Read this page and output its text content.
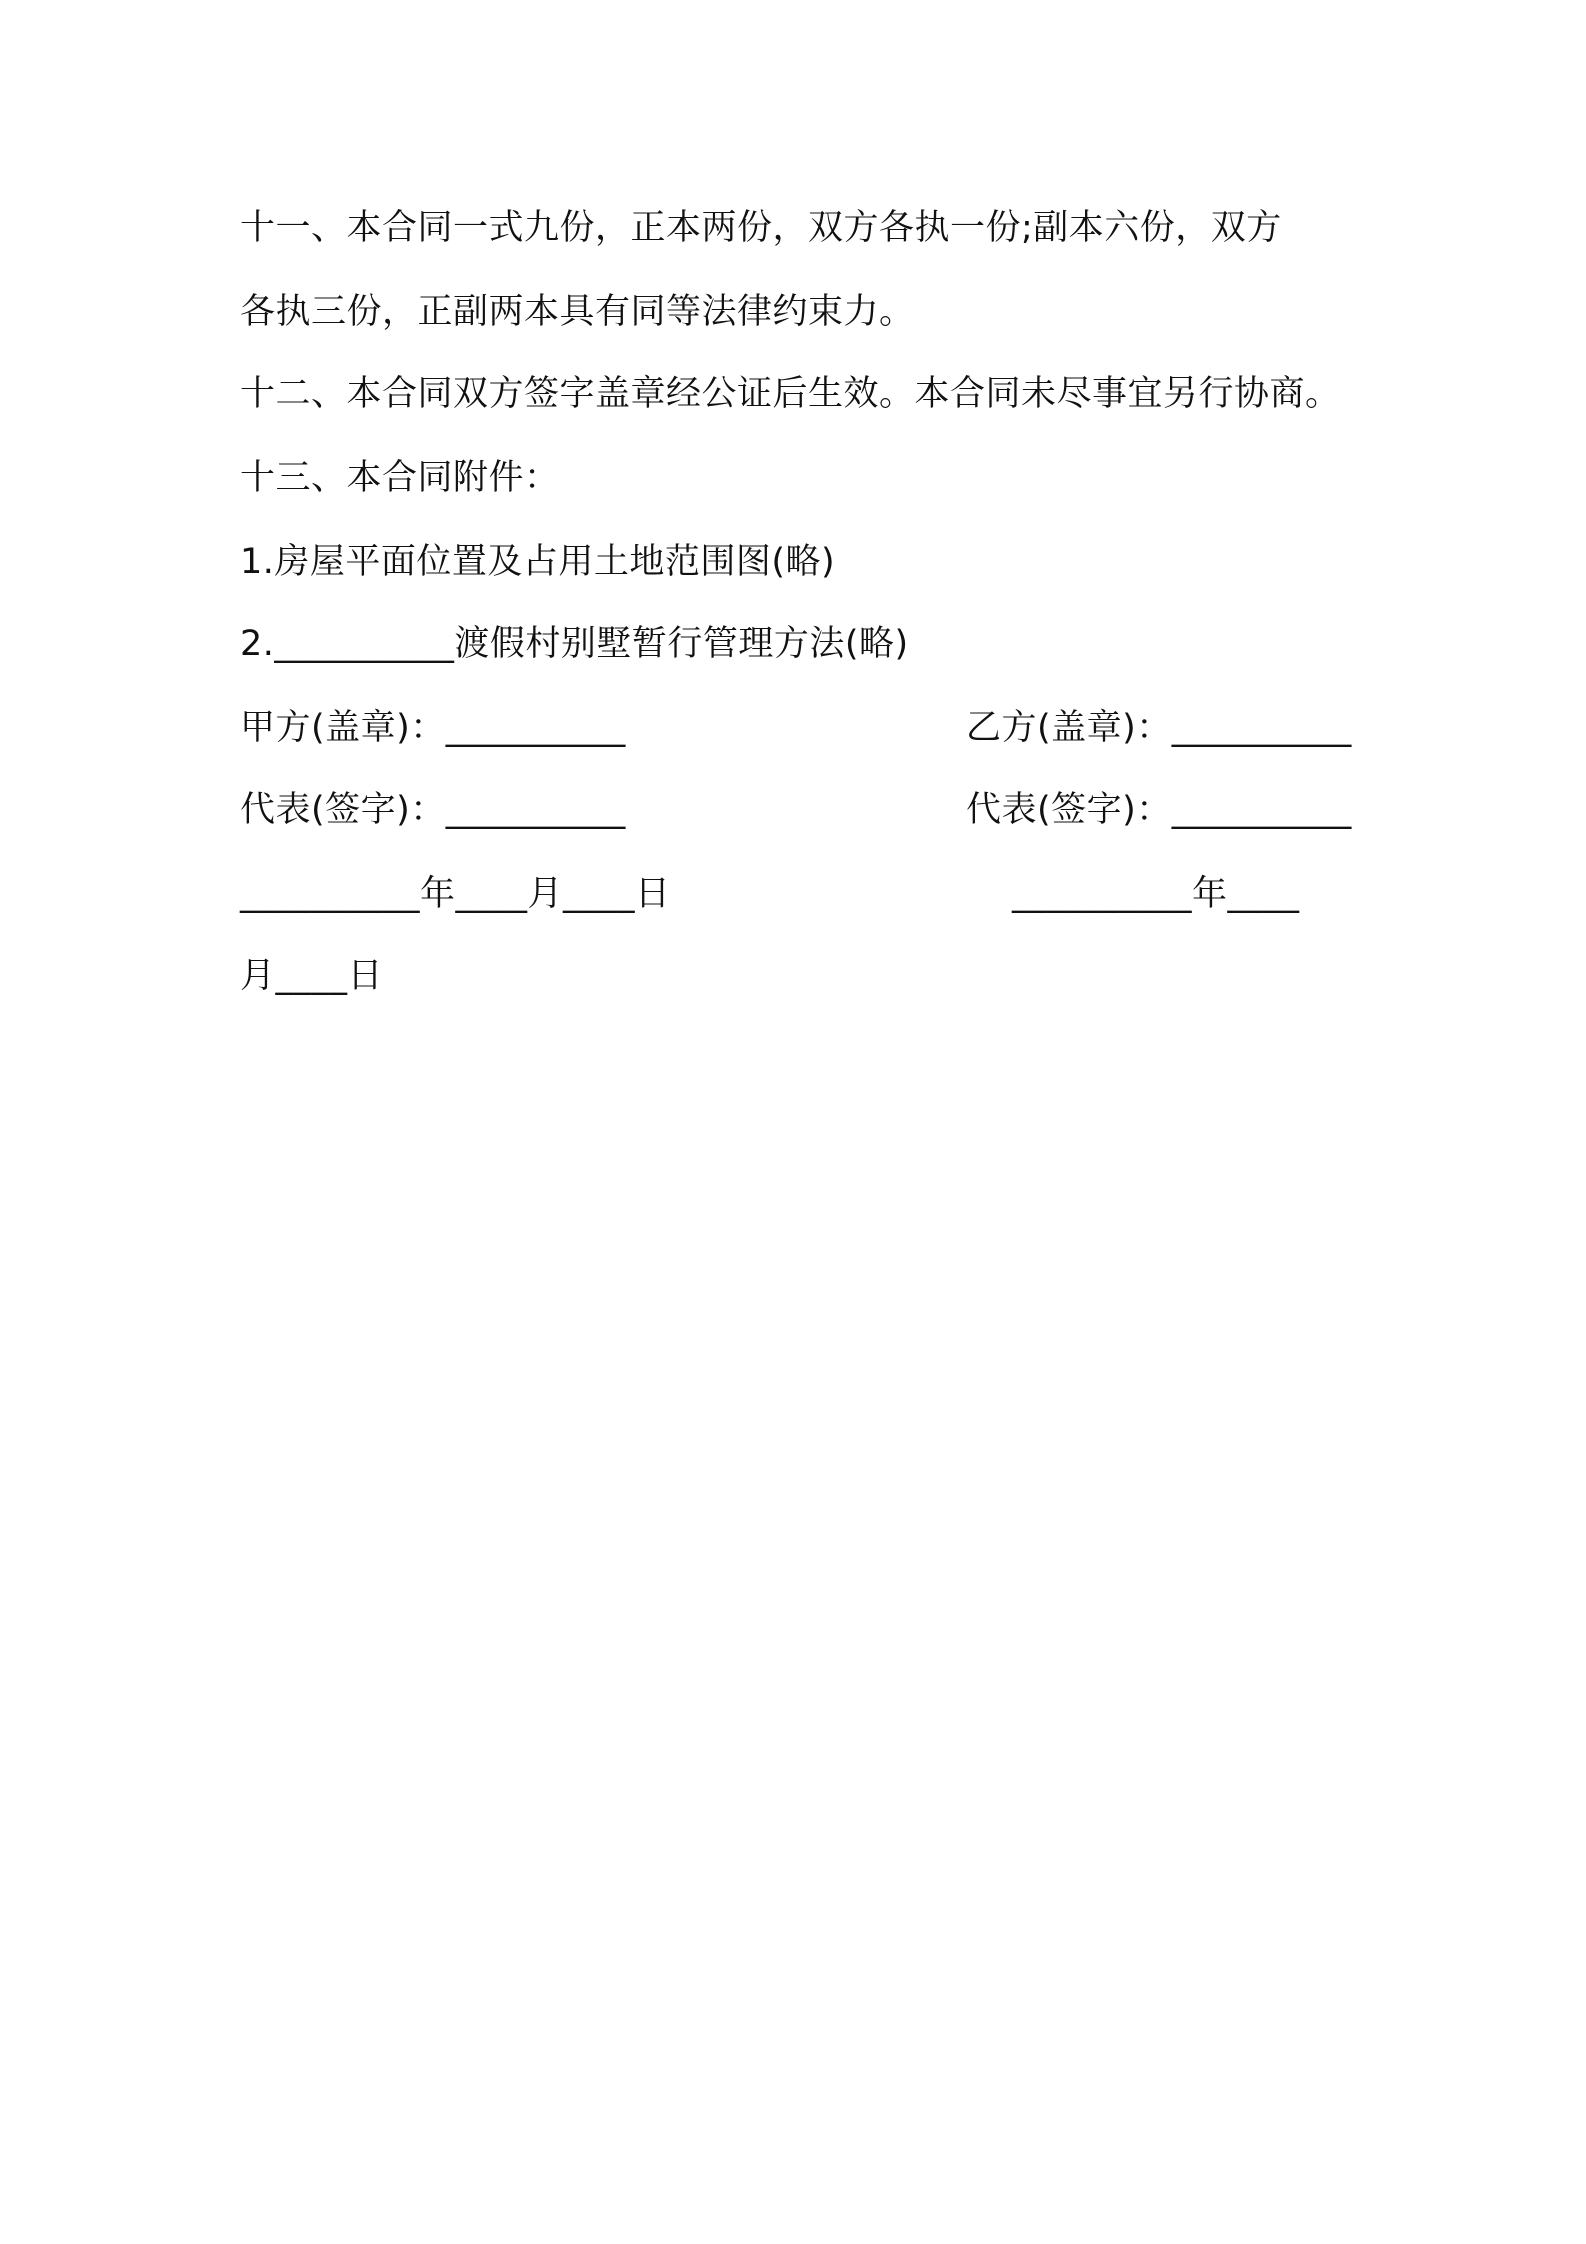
十一、本合同一式九份，正本两份，双方各执一份;副本六份，双方
各执三份，正副两本具有同等法律约束力。
十二、本合同双方签字盖章经公证后生效。本合同未尽事宜另行协商。
十三、本合同附件：
1.房屋平面位置及占用土地范围图(略)
2.__________渡假村别墅暂行管理方法(略)
甲方(盖章)：__________	乙方(盖章)：__________
代表(签字)：__________	代表(签字)：__________
__________年____月____日	__________年____
月____日
